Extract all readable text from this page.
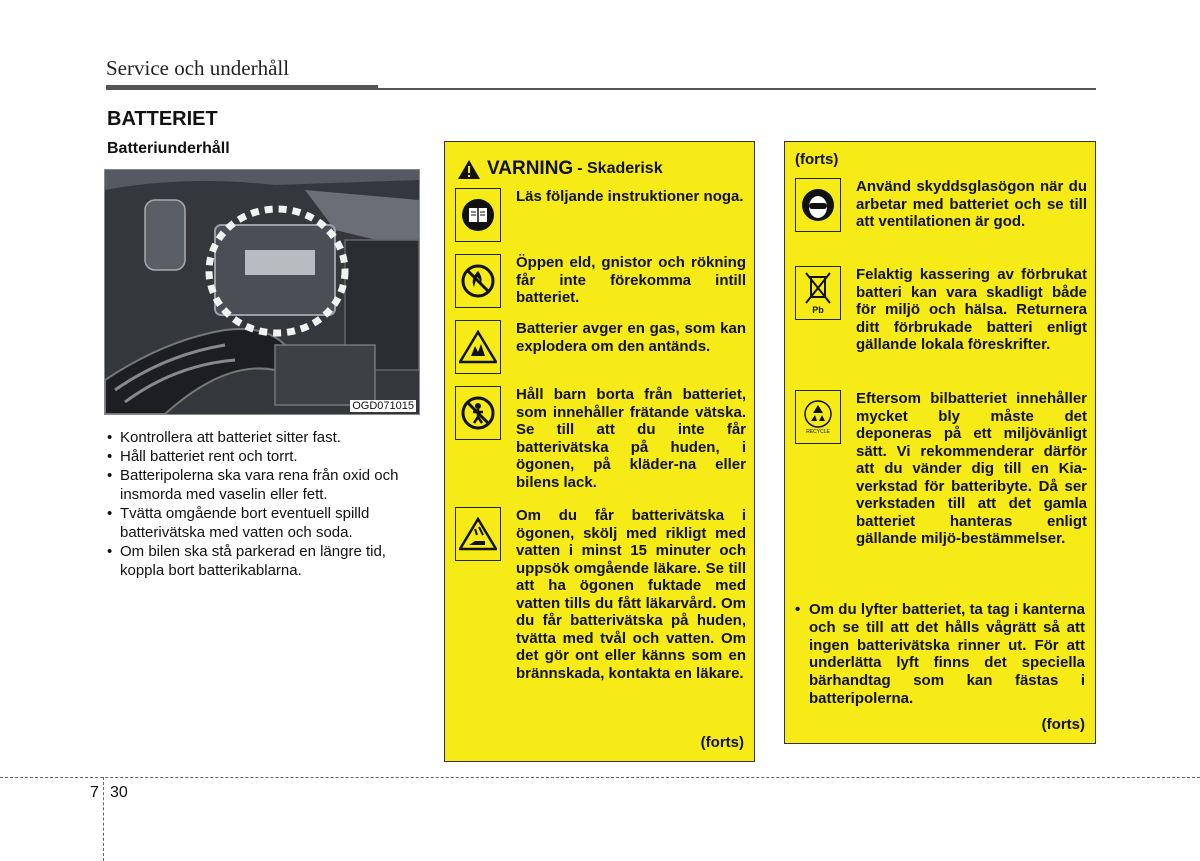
Service och underhåll
BATTERIET
Batteriunderhåll
OGD071015
• Kontrollera att batteriet sitter fast.
• Håll batteriet rent och torrt.
• Batteripolerna ska vara rena från oxid och insmorda med vaselin eller fett.
• Tvätta omgående bort eventuell spilld batterivätska med vatten och soda.
• Om bilen ska stå parkerad en längre tid, koppla bort batterikablarna.
VARNING - Skaderisk
Läs följande instruktioner noga.
Öppen eld, gnistor och rökning får inte förekomma intill batteriet.
Batterier avger en gas, som kan explodera om den antänds.
Håll barn borta från batteriet, som innehåller frätande vätska. Se till att du inte får batterivätska på huden, i ögonen, på kläder-na eller bilens lack.
Om du får batterivätska i ögonen, skölj med rikligt med vatten i minst 15 minuter och uppsök omgående läkare. Se till att ha ögonen fuktade med vatten tills du fått läkarvård. Om du får batterivätska på huden, tvätta med tvål och vatten. Om det gör ont eller känns som en brännskada, kontakta en läkare.
(forts)
(forts)
Använd skyddsglasögon när du arbetar med batteriet och se till att ventilationen är god.
Pb
Felaktig kassering av förbrukat batteri kan vara skadligt både för miljö och hälsa. Returnera ditt förbrukade batteri enligt gällande lokala föreskrifter.
RECYCLE
Eftersom bilbatteriet innehåller mycket bly måste det deponeras på ett miljövänligt sätt. Vi rekommenderar därför att du vänder dig till en Kia-verkstad för batteribyte. Då ser verkstaden till att det gamla batteriet hanteras enligt gällande miljö-bestämmelser.
• Om du lyfter batteriet, ta tag i kanterna och se till att det hålls vågrätt så att ingen batterivätska rinner ut. För att underlätta lyft finns det speciella bärhandtag som kan fästas i batteripolerna.
(forts)
7 30
